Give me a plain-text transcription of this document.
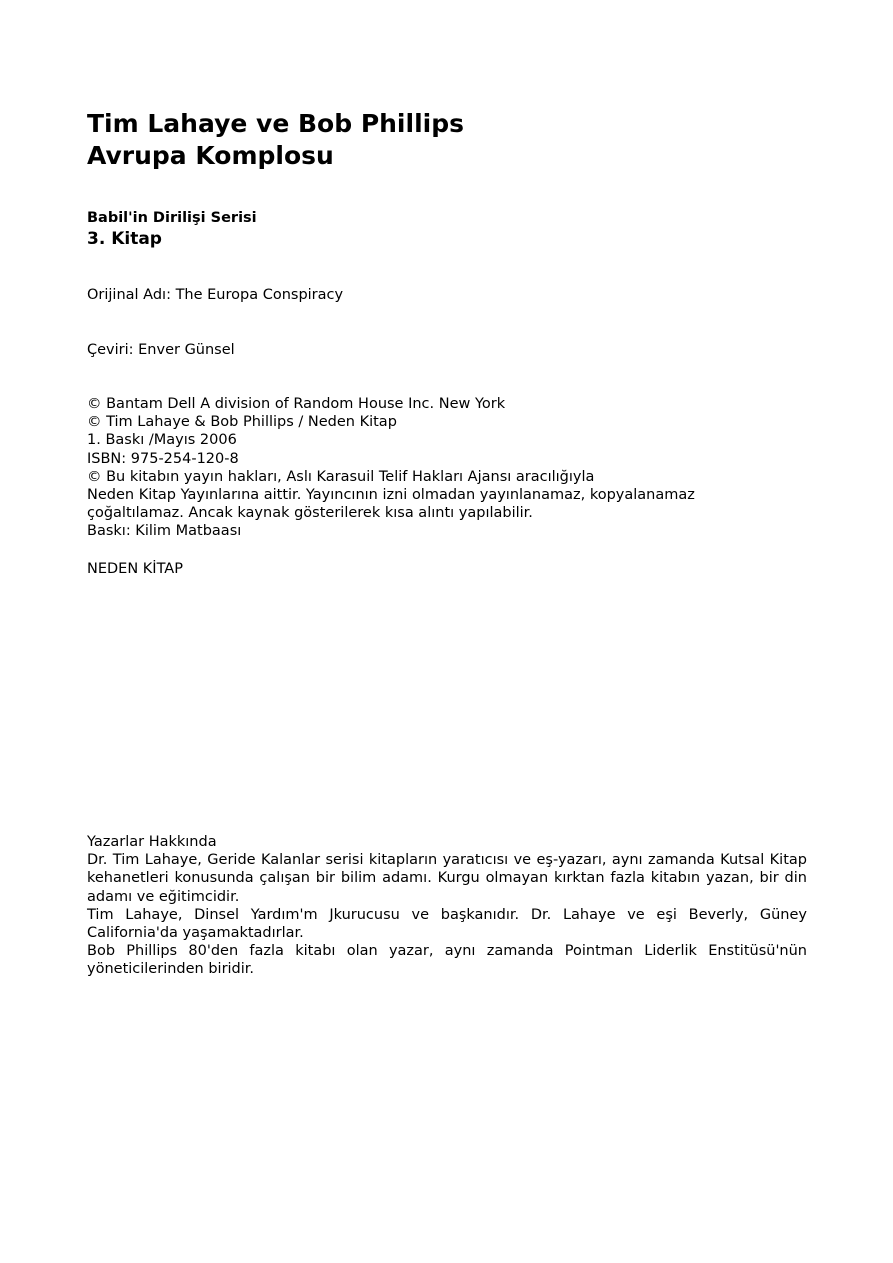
Tim Lahaye ve Bob Phillips
Avrupa Komplosu
Babil'in Dirilişi Serisi
3. Kitap

Orijinal Adı: The Europa Conspiracy

Çeviri: Enver Günsel

© Bantam Dell A division of Random House Inc. New York

© Tim Lahaye & Bob Phillips / Neden Kitap

1. Baskı /Mayıs 2006

ISBN: 975-254-120-8

© Bu kitabın yayın hakları, Aslı Karasuil Telif Hakları Ajansı aracılığıyla

Neden Kitap Yayınlarına aittir. Yayıncının izni olmadan yayınlanamaz, kopyalanamaz

çoğaltılamaz. Ancak kaynak gösterilerek kısa alıntı yapılabilir.

Baskı: Kilim Matbaası

NEDEN KİTAP

Yazarlar Hakkında

Dr. Tim Lahaye, Geride Kalanlar serisi kitapların yaratıcısı ve eş-yazarı, aynı zamanda Kutsal Kitap kehanetleri konusunda çalışan bir bilim adamı. Kurgu olmayan kırktan fazla kitabın yazan, bir din adamı ve eğitimcidir.

Tim Lahaye, Dinsel Yardım'm Jkurucusu ve başkanıdır. Dr. Lahaye ve eşi Beverly, Güney California'da yaşamaktadırlar.

Bob Phillips 80'den fazla kitabı olan yazar, aynı zamanda Pointman Liderlik Enstitüsü'nün yöneticilerinden biridir.
